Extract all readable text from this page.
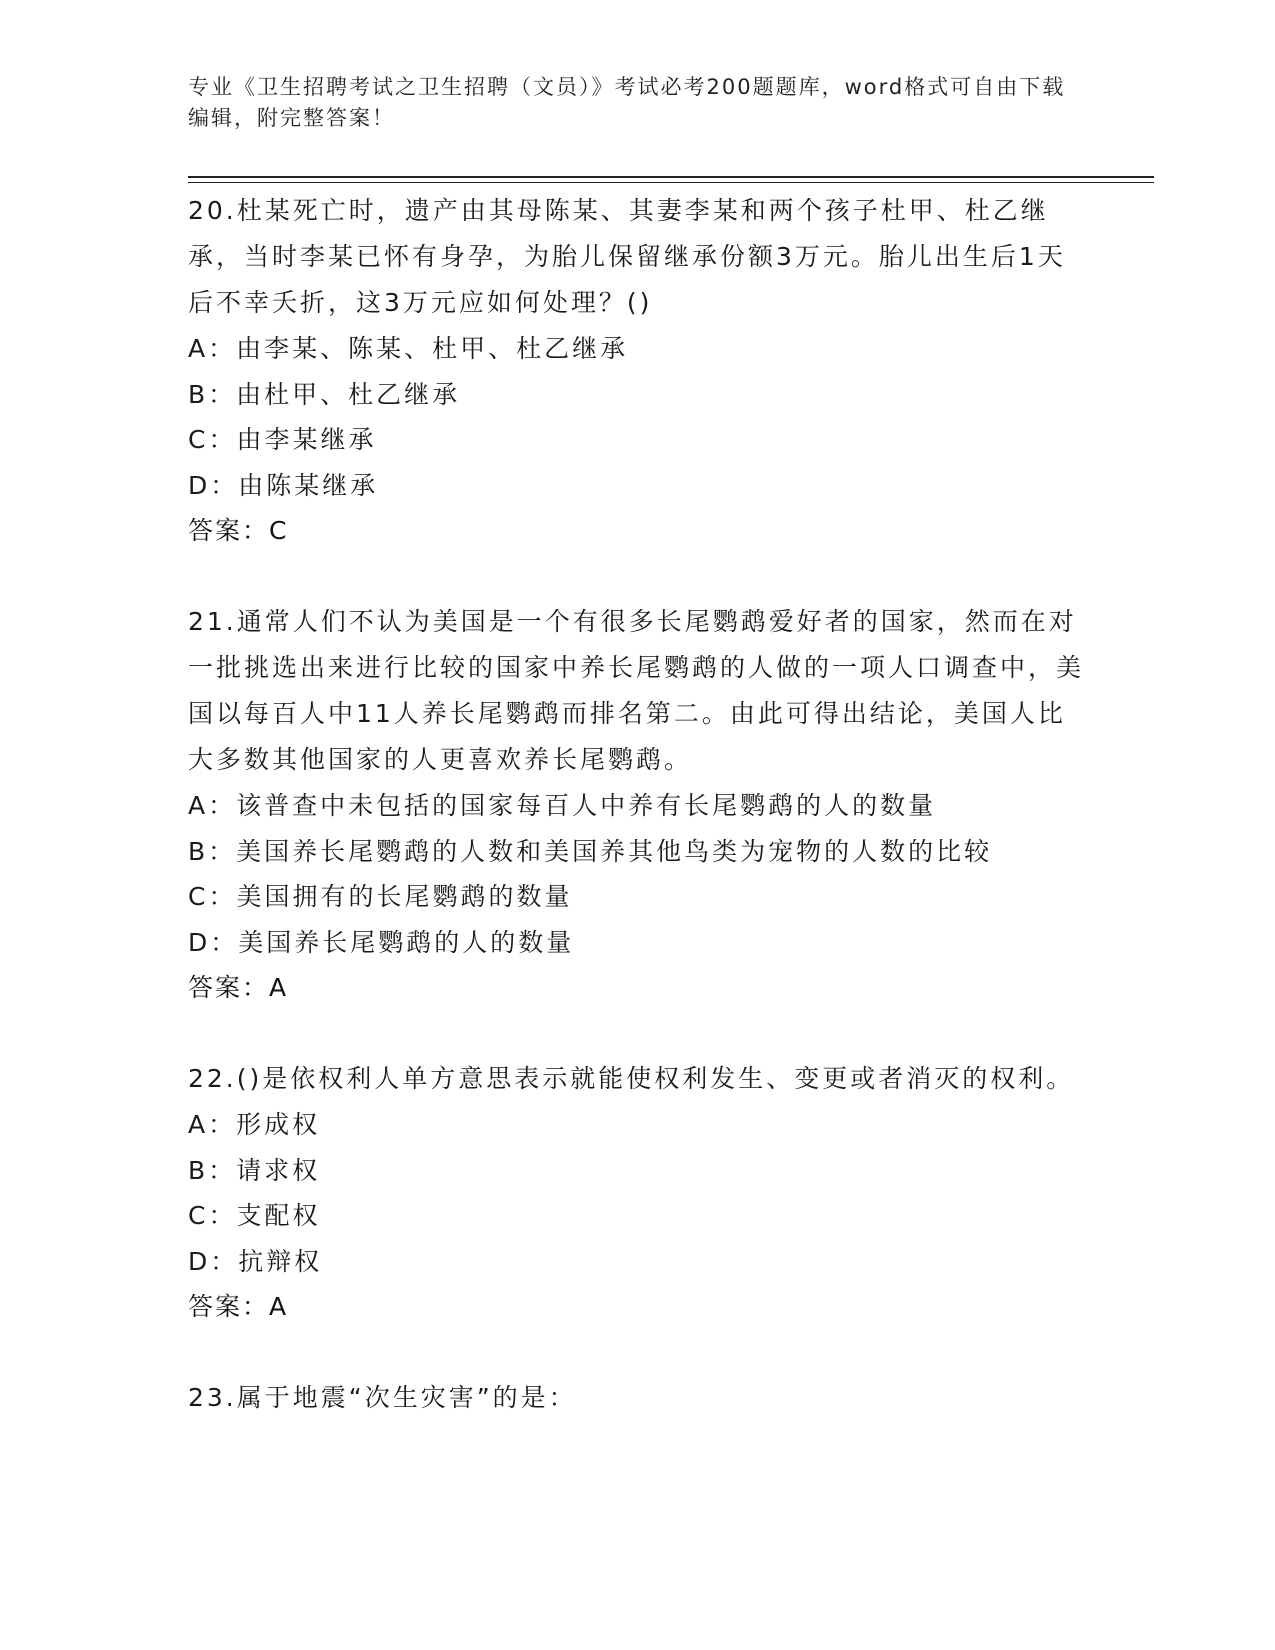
专业《卫生招聘考试之卫生招聘（文员）》考试必考200题题库，word格式可自由下载编辑，附完整答案！

20.杜某死亡时，遗产由其母陈某、其妻李某和两个孩子杜甲、杜乙继承，当时李某已怀有身孕，为胎儿保留继承份额3万元。胎儿出生后1天后不幸夭折，这3万元应如何处理？()

A：由李某、陈某、杜甲、杜乙继承

B：由杜甲、杜乙继承

C：由李某继承

D：由陈某继承

答案：C

21.通常人们不认为美国是一个有很多长尾鹦鹉爱好者的国家，然而在对一批挑选出来进行比较的国家中养长尾鹦鹉的人做的一项人口调查中，美国以每百人中11人养长尾鹦鹉而排名第二。由此可得出结论，美国人比大多数其他国家的人更喜欢养长尾鹦鹉。

A：该普查中未包括的国家每百人中养有长尾鹦鹉的人的数量

B：美国养长尾鹦鹉的人数和美国养其他鸟类为宠物的人数的比较

C：美国拥有的长尾鹦鹉的数量

D：美国养长尾鹦鹉的人的数量

答案：A

22.()是依权利人单方意思表示就能使权利发生、变更或者消灭的权利。

A：形成权

B：请求权

C：支配权

D：抗辩权

答案：A

23.属于地震“次生灾害”的是：
